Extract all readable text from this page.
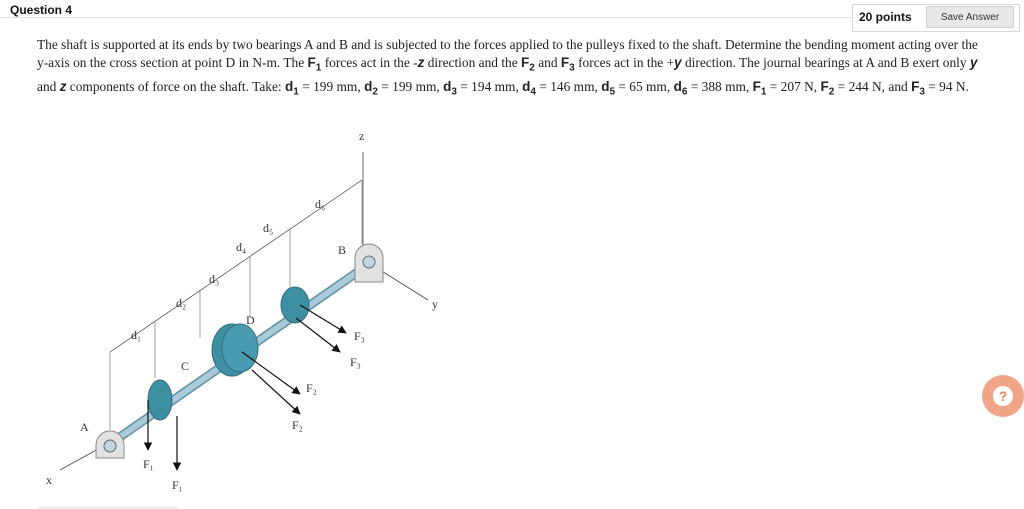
Question 4	20 points	Save Answer
The shaft is supported at its ends by two bearings A and B and is subjected to the forces applied to the pulleys fixed to the shaft. Determine the bending moment acting over the y-axis on the cross section at point D in N-m. The $F_1$ forces act in the -z direction and the $F_2$ and $F_3$ forces act in the +y direction. The journal bearings at A and B exert only y and z components of force on the shaft. Take: $d_1 = 199$ mm, $d_2 = 199$ mm, $d_3 = 194$ mm, $d_4 = 146$ mm, $d_5 = 65$ mm, $d_6 = 388$ mm, $F_1 = 207$ N, $F_2 = 244$ N, and $F_3 = 94$ N.
z
y
x
d₁
d₂
d₃
d₄
d₅
d₆
A
B
F₁
F₁
C
F₂
F₂
D
F₃
F₃
?
